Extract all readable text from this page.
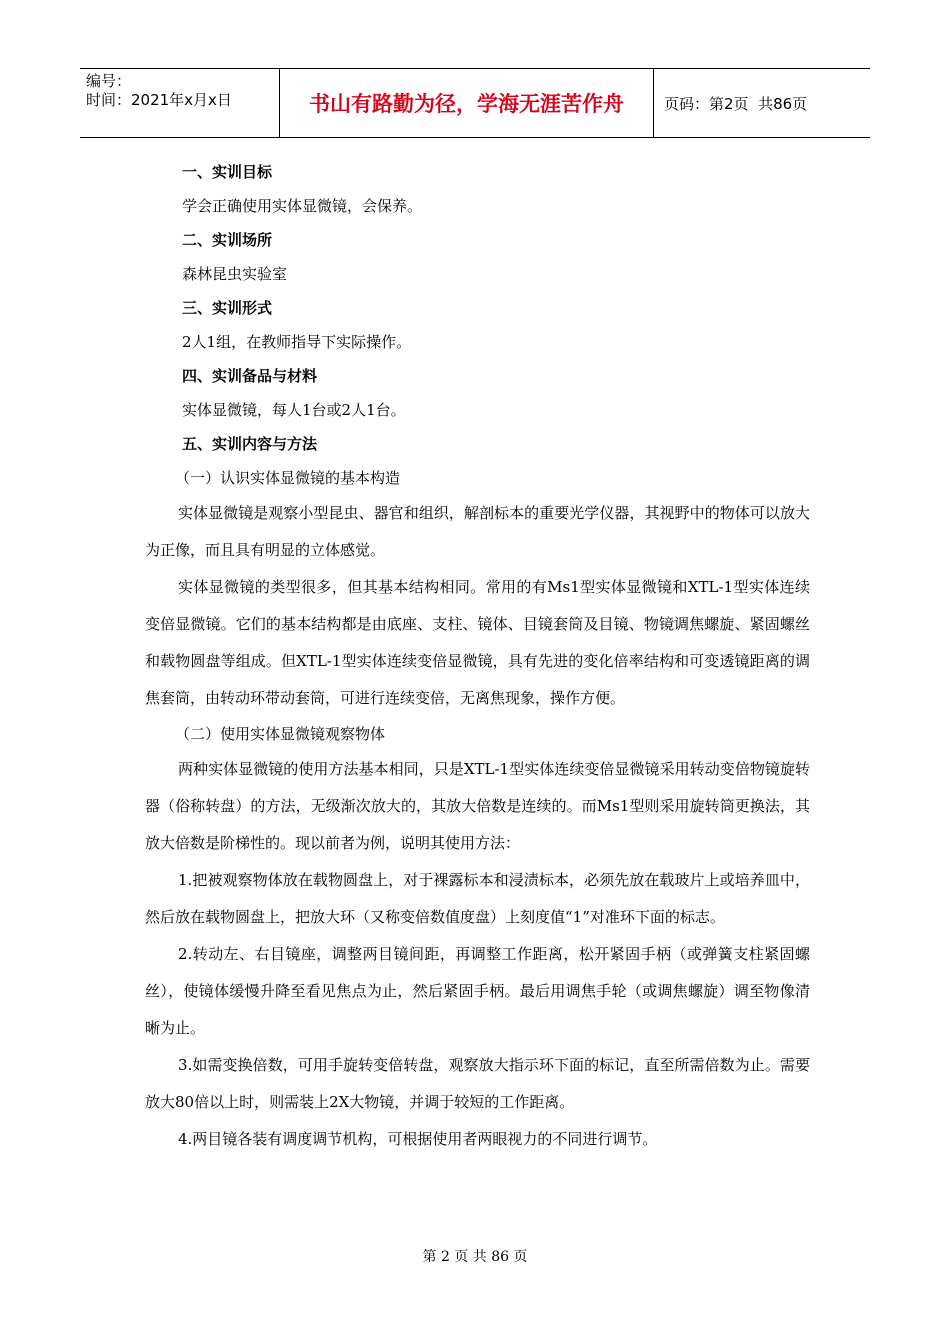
编号：
时间：2021年x月x日	书山有路勤为径，学海无涯苦作舟	页码：第2页  共86页
一、实训目标
学会正确使用实体显微镜，会保养。
二、实训场所
森林昆虫实验室
三、实训形式
2人1组，在教师指导下实际操作。
四、实训备品与材料
实体显微镜，每人1台或2人1台。
五、实训内容与方法
（一）认识实体显微镜的基本构造

实体显微镜是观察小型昆虫、器官和组织，解剖标本的重要光学仪器，其视野中的物体可以放大为正像，而且具有明显的立体感觉。

实体显微镜的类型很多，但其基本结构相同。常用的有Ms1型实体显微镜和XTL-1型实体连续变倍显微镜。它们的基本结构都是由底座、支柱、镜体、目镜套筒及目镜、物镜调焦螺旋、紧固螺丝和载物圆盘等组成。但XTL-1型实体连续变倍显微镜，具有先进的变化倍率结构和可变透镜距离的调焦套筒，由转动环带动套筒，可进行连续变倍，无离焦现象，操作方便。

（二）使用实体显微镜观察物体

两种实体显微镜的使用方法基本相同，只是XTL-1型实体连续变倍显微镜采用转动变倍物镜旋转器（俗称转盘）的方法，无级渐次放大的，其放大倍数是连续的。而Ms1型则采用旋转筒更换法，其放大倍数是阶梯性的。现以前者为例，说明其使用方法：

1.把被观察物体放在载物圆盘上，对于裸露标本和浸渍标本，必须先放在载玻片上或培养皿中，然后放在载物圆盘上，把放大环（又称变倍数值度盘）上刻度值“1”对准环下面的标志。

2.转动左、右目镜座，调整两目镜间距，再调整工作距离，松开紧固手柄（或弹簧支柱紧固螺丝），使镜体缓慢升降至看见焦点为止，然后紧固手柄。最后用调焦手轮（或调焦螺旋）调至物像清晰为止。

3.如需变换倍数，可用手旋转变倍转盘，观察放大指示环下面的标记，直至所需倍数为止。需要放大80倍以上时，则需装上2X大物镜，并调于较短的工作距离。

4.两目镜各装有调度调节机构，可根据使用者两眼视力的不同进行调节。

第 2 页 共 86 页
